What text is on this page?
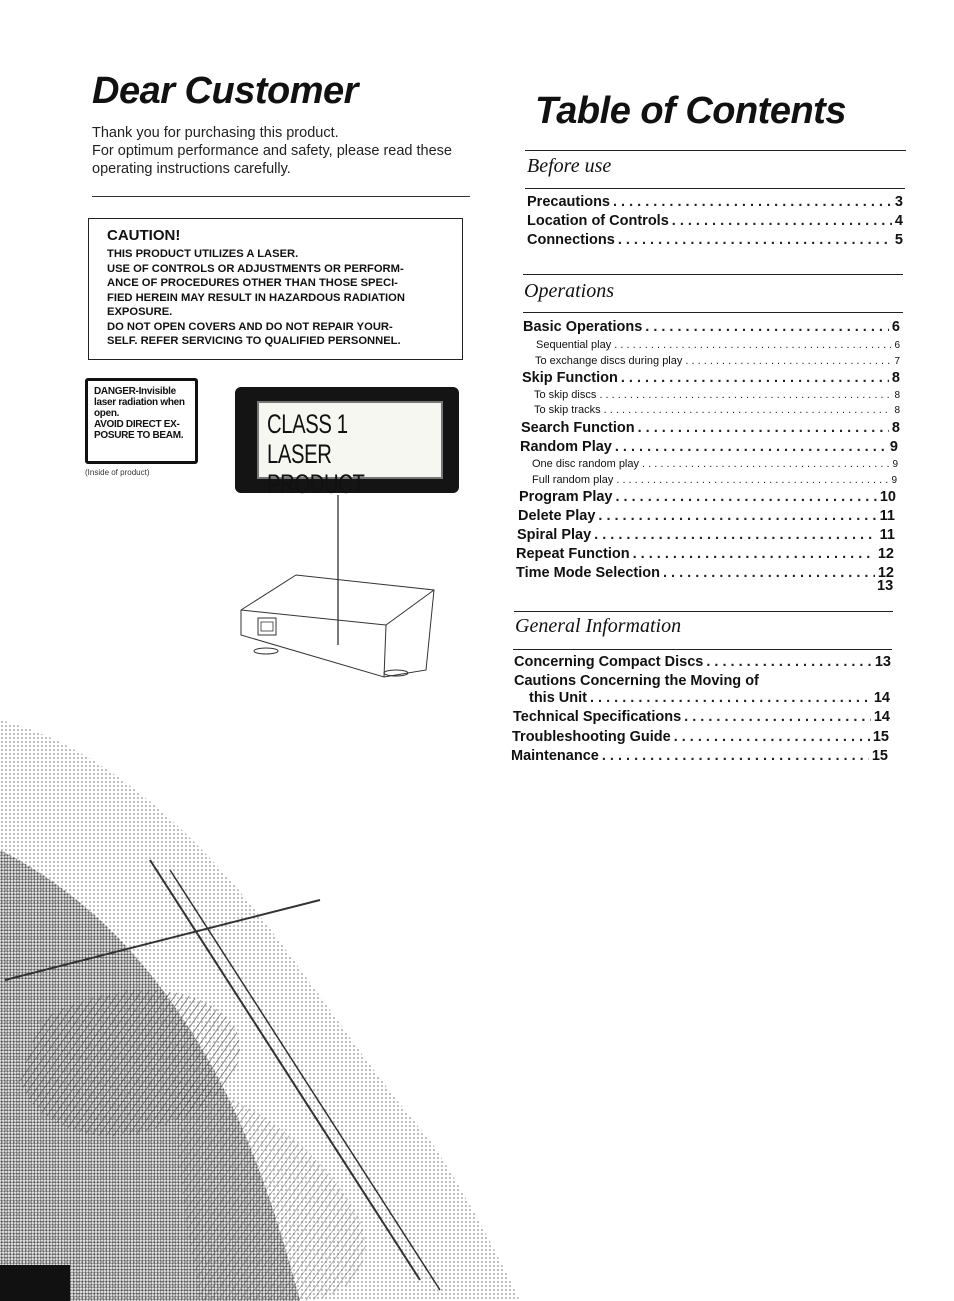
Dear Customer

Thank you for purchasing this product.

For optimum performance and safety, please read these operating instructions carefully.

CAUTION!

THIS PRODUCT UTILIZES A LASER.

USE OF CONTROLS OR ADJUSTMENTS OR PERFORM-

ANCE OF PROCEDURES OTHER THAN THOSE SPECI-

FIED HEREIN MAY RESULT IN HAZARDOUS RADIATION

EXPOSURE.

DO NOT OPEN COVERS AND DO NOT REPAIR YOUR-

SELF. REFER SERVICING TO QUALIFIED PERSONNEL.

DANGER-Invisible

laser radiation when

open.

AVOID DIRECT EX-

POSURE TO BEAM.

(Inside of product)

CLASS 1

LASER PRODUCT

Table of Contents
Before use
Precautions . . .	3
Location of Controls . . .	4
Connections . . .	5
Operations
Basic Operations . . .	6
Sequential play . . .	6
To exchange discs during play . . .	7
Skip Function . . .	8
To skip discs . . .	8
To skip tracks . . .	8
Search Function . . .	8
Random Play . . .	9
One disc random play . . .	9
Full random play . . .	9
Program Play . . .	10
Delete Play . . .	11
Spiral Play . . .	11
Repeat Function . . .	12
Time Mode Selection . . .	12
13
General Information
Concerning Compact Discs . . .	13
Cautions Concerning the Moving of
this Unit . . .	14
Technical Specifications . . .	14
Troubleshooting Guide . . .	15
Maintenance . . .	15
